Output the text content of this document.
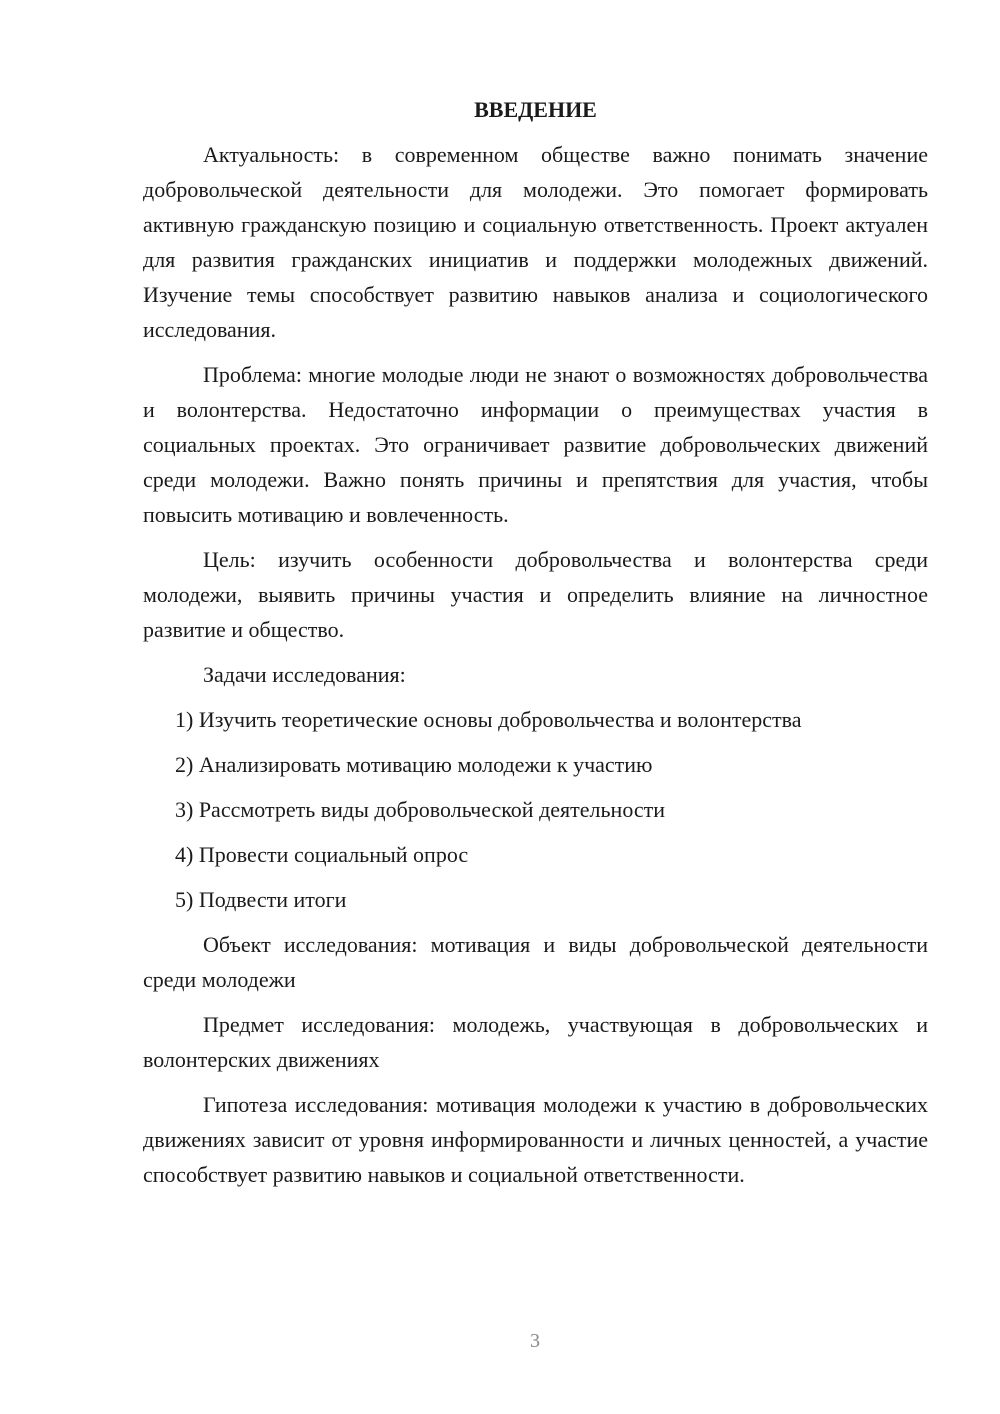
ВВЕДЕНИЕ

Актуальность: в современном обществе важно понимать значение добровольческой деятельности для молодежи. Это помогает формировать активную гражданскую позицию и социальную ответственность. Проект актуален для развития гражданских инициатив и поддержки молодежных движений. Изучение темы способствует развитию навыков анализа и социологического исследования.

Проблема: многие молодые люди не знают о возможностях добровольчества и волонтерства. Недостаточно информации о преимуществах участия в социальных проектах. Это ограничивает развитие добровольческих движений среди молодежи. Важно понять причины и препятствия для участия, чтобы повысить мотивацию и вовлеченность.

Цель: изучить особенности добровольчества и волонтерства среди молодежи, выявить причины участия и определить влияние на личностное развитие и общество.

Задачи исследования:

1) Изучить теоретические основы добровольчества и волонтерства
2) Анализировать мотивацию молодежи к участию
3) Рассмотреть виды добровольческой деятельности
4) Провести социальный опрос
5) Подвести итоги

Объект исследования: мотивация и виды добровольческой деятельности среди молодежи

Предмет исследования: молодежь, участвующая в добровольческих и волонтерских движениях

Гипотеза исследования: мотивация молодежи к участию в добровольческих движениях зависит от уровня информированности и личных ценностей, а участие способствует развитию навыков и социальной ответственности.

3
